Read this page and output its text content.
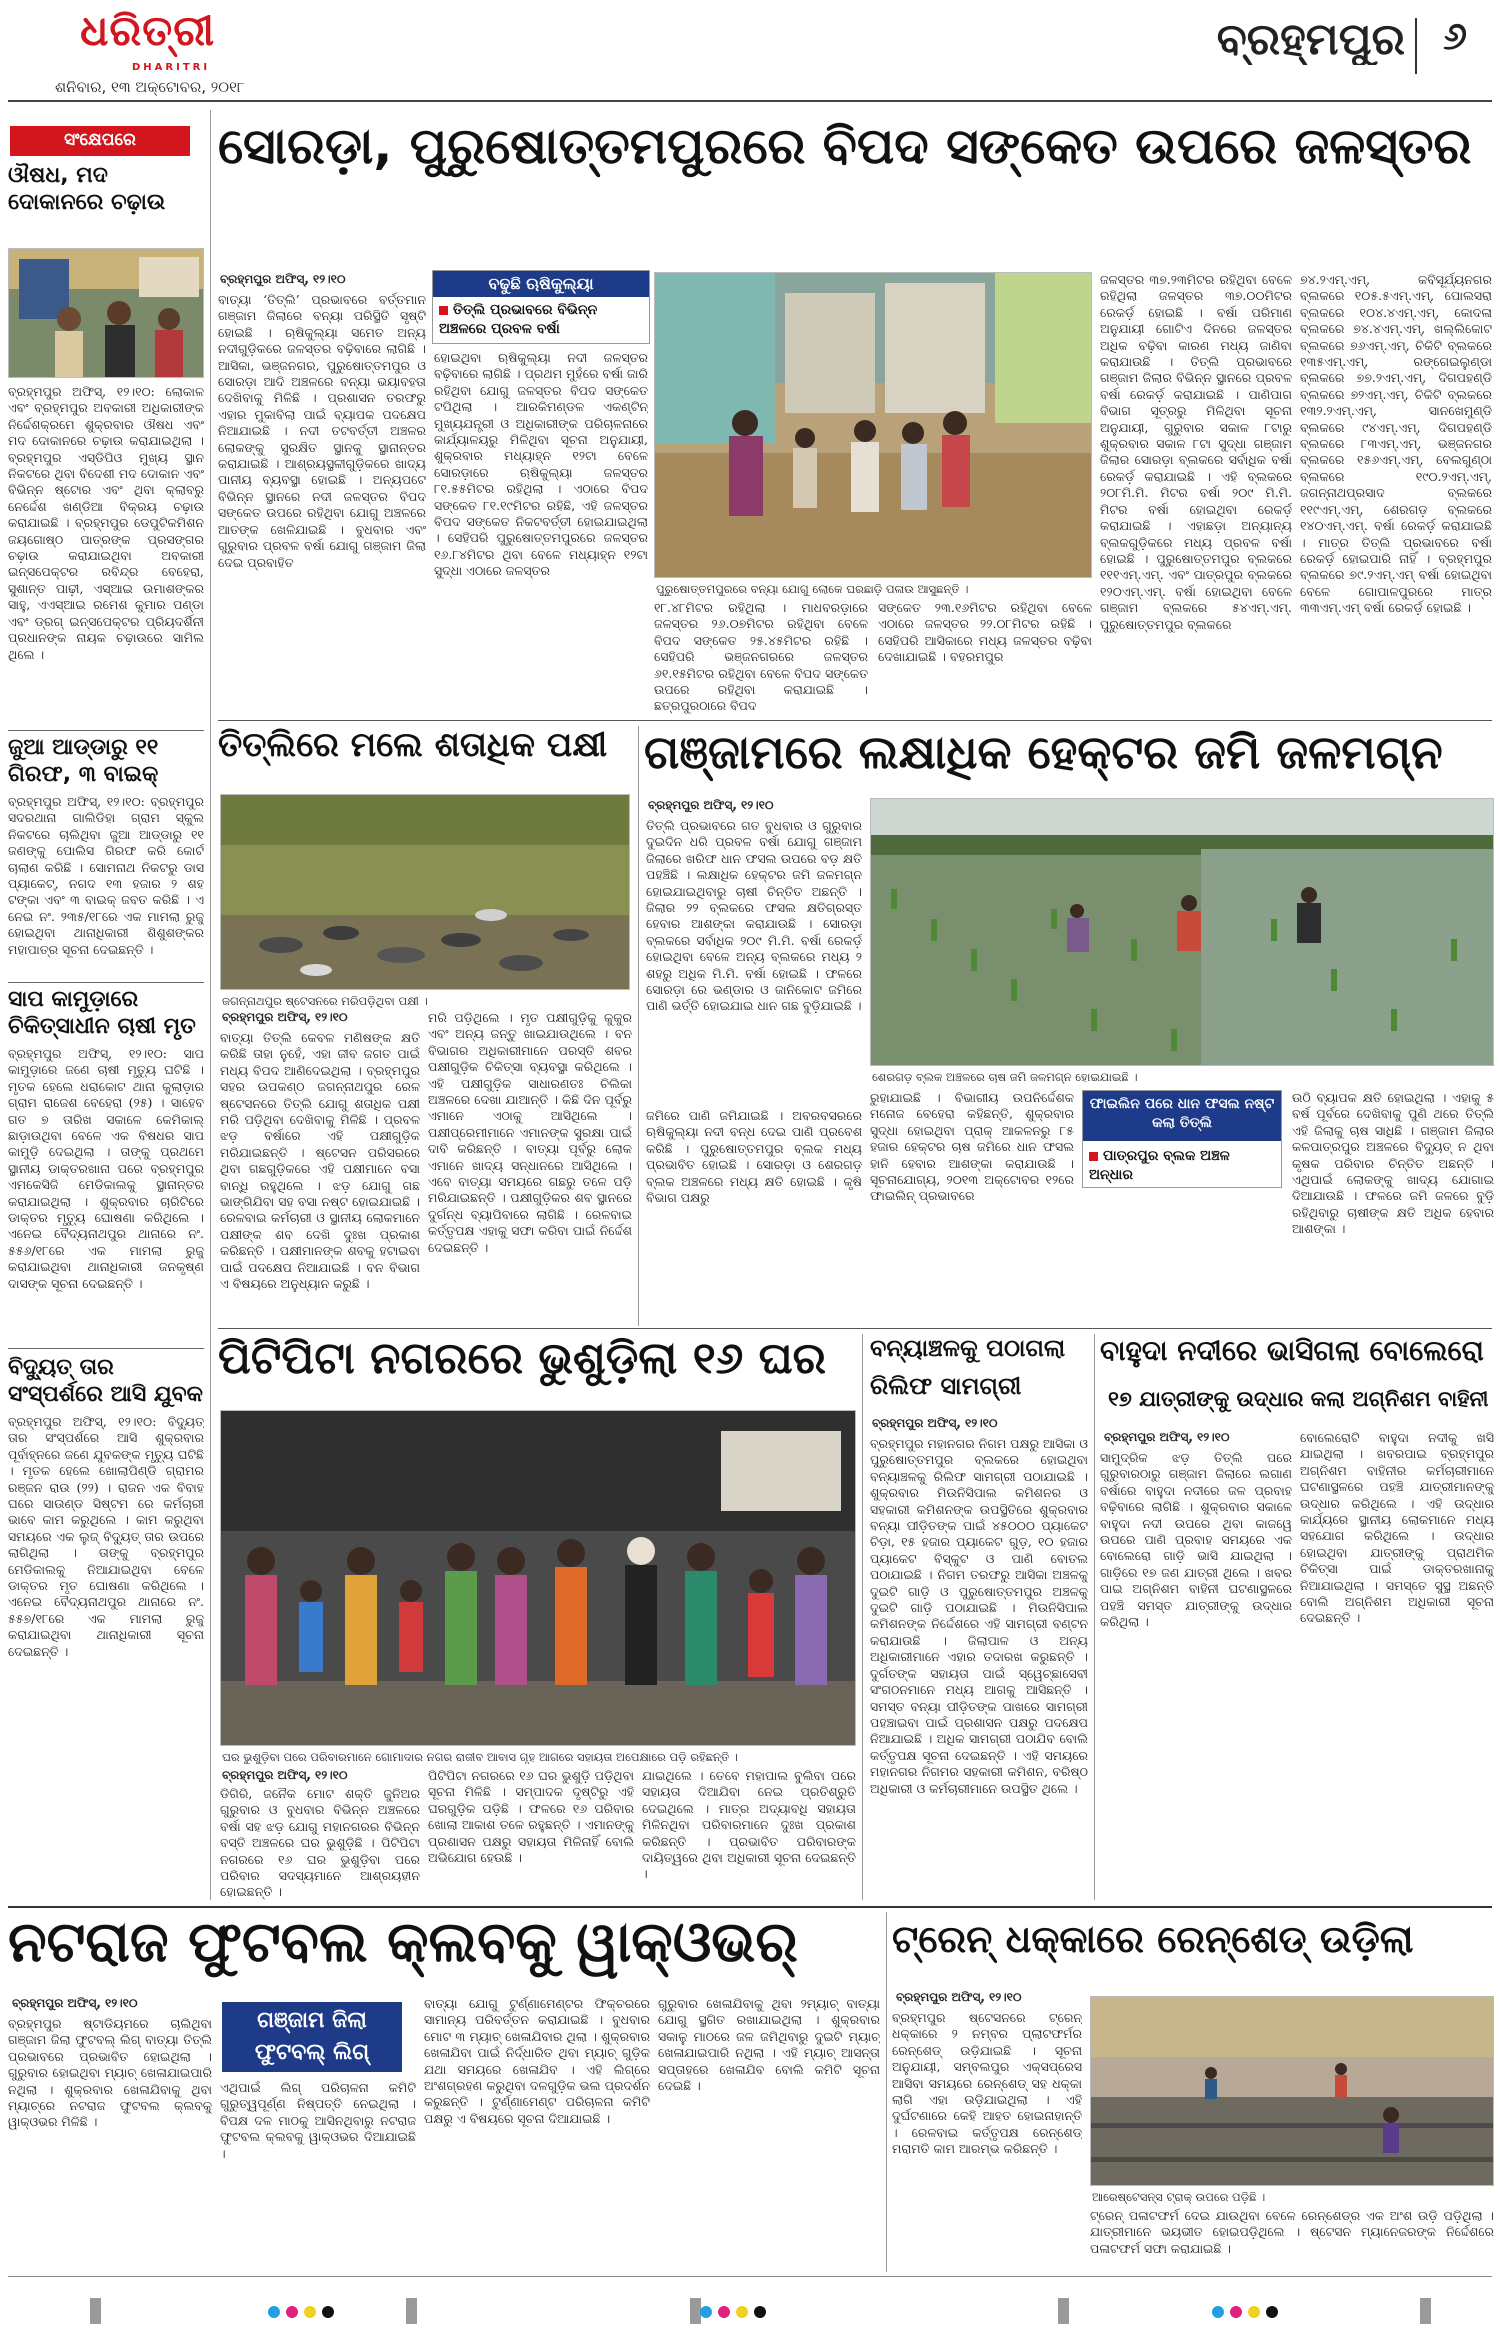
ଧରିତ୍ରୀ
DHARITRI
ଶନିବାର, ୧୩ ଅକ୍ଟୋବର, ୨୦୧୮
ବ୍ରହ୍ମପୁର	୬
ସଂକ୍ଷେପରେ
ଔଷଧ, ମଦ ଦୋକାନରେ ଚଢ଼ାଉ
ବ୍ରହ୍ମପୁର ଅଫିସ୍, ୧୨।୧୦: ଲୋକାଳ ଏବଂ ବ୍ରହ୍ମପୁର ଅବକାରୀ ଅଧିକାରୀଙ୍କ ନିର୍ଦ୍ଦେଶକ୍ରମେ ଶୁକ୍ରବାର ଔଷଧ ଏବଂ ମଦ ଦୋକାନରେ ଚଢ଼ାଉ କରାଯାଇଥିଲା । ବ୍ରହ୍ମପୁର ଏସ୍ଡିପିଓ ମୁଖ୍ୟ ସ୍ଥାନ ନିକଟରେ ଥିବା ବିଦେଶୀ ମଦ ଦୋକାନ ଏବଂ ବିଭିନ୍ନ ଷ୍ଟୋର ଏବଂ ଥିବା କ୍ଲାବରୁ ନେର୍ଦ୍ଦେଶ ଖଣ୍ଡିଆ ବିକ୍ରୟ ଚଢ଼ାଉ କରାଯାଇଛି । ବ୍ରହ୍ମପୁର ଡେପୁଟିକମିଶନ ଜୟଗୋଷ୍ଠ ପାତ୍ରଙ୍କ ପ୍ରସଙ୍ଗର ଚଢ଼ାଉ କରାଯାଇଥିବା ଅବକାରୀ ଇନ୍ସପେକ୍ଟର ରବିନ୍ଦ୍ର ବେହେରା, ସୁଶାନ୍ତ ପାଢ଼ୀ, ଏସ୍ଆଇ ଉମାଶଙ୍କର ସାହୁ, ଏଏସ୍ଆଇ ରମେଶ କୁମାର ପଣ୍ଡା ଏବଂ ଡ୍ରଗ୍ ଇନ୍ସପେକ୍ଟର ପ୍ରିୟଦର୍ଶିନୀ ପ୍ରଧାନଙ୍କ ନାୟକ ଚଢ଼ାଉରେ ସାମିଲ ଥିଲେ ।
ଜୁଆ ଆଡ୍ଡାରୁ ୧୧ ଗିରଫ, ୩ ବାଇକ୍
ବ୍ରହ୍ମପୁର ଅଫିସ୍, ୧୨।୧୦: ବ୍ରହ୍ମପୁର ସଦରଥାନା ଗାଲିଡିହା ଗ୍ରାମ ସ୍କୁଲ ନିକଟରେ ଚାଲିଥିବା ଜୁଆ ଆଡ୍ଡାରୁ ୧୧ ଜଣଙ୍କୁ ପୋଲିସ ଗିରଫ କରି କୋର୍ଟ ଚାଲାଣ କରିଛି । ସୋମନାଥ ନିକଟରୁ ଡାସ ପ୍ୟାକେଟ୍, ନଗଦ ୧୩ ହଜାର ୨ ଶହ ଟଙ୍କା ଏବଂ ୩ ବାଇକ୍ ଜବତ କରିଛି । ଏ ନେଇ ନଂ. ୨୩୫/୧୮ରେ ଏକ ମାମଲା ରୁଜୁ ହୋଇଥିବା ଥାନାଧିକାରୀ ଶିଶୁଶଙ୍କର ମହାପାତ୍ର ସୂଚନା ଦେଇଛନ୍ତି ।
ସାପ କାମୁଡ଼ାରେ ଚିକିତ୍ସାଧୀନ ଚାଷୀ ମୃତ
ବ୍ରହ୍ମପୁର ଅଫିସ୍, ୧୨।୧୦: ସାପ କାମୁଡ଼ାରେ ଜଣେ ଚାଷୀ ମୃତ୍ୟୁ ଘଟିଛି । ମୃତକ ହେଲେ ଧରାକୋଟ ଥାନା କୁଲାଡ଼ାର ଗ୍ରାମ ରାଜେଶ ବେହେରା (୨୫) । ସାହେବ ଗତ ୭ ତାରିଖ ସକାଳେ କେମିକାଲ୍ ଛାଡ଼ାଉଥିବା ବେଳେ ଏକ ବିଷଧର ସାପ କାମୁଡ଼ି ଦେଇଥିଲା । ତାଙ୍କୁ ପ୍ରଥମେ ସ୍ଥାନୀୟ ଡାକ୍ତରଖାନା ପରେ ବ୍ରହ୍ମପୁର ଏମକେସିଜି ମେଡିକାଲକୁ ସ୍ଥାନାନ୍ତର କରାଯାଇଥିଲା । ଶୁକ୍ରବାର ଚାରିଟିରେ ଡାକ୍ତର ମୃତ୍ୟୁ ଘୋଷଣା କରିଥିଲେ । ଏନେଇ ବୈଦ୍ୟନାଥପୁର ଥାନାରେ ନଂ. ୫୫୬/୧୮ରେ ଏକ ମାମଲା ରୁଜୁ କରାଯାଇଥିବା ଥାନାଧିକାରୀ ଜନକୃଷ୍ଣ ଦାସଙ୍କ ସୂଚନା ଦେଇଛନ୍ତି ।
ବିଦ୍ୟୁତ୍ ତାର ସଂସ୍ପର୍ଶରେ ଆସି ଯୁବକ
ବ୍ରହ୍ମପୁର ଅଫିସ୍, ୧୨।୧୦: ବିଦ୍ୟୁତ୍ ତାର ସଂସ୍ପର୍ଶରେ ଆସି ଶୁକ୍ରବାର ପୂର୍ବାହ୍ନରେ ଜଣେ ଯୁବକଙ୍କ ମୃତ୍ୟୁ ଘଟିଛି । ମୃତକ ହେଲେ ଖୋଲାପିଣ୍ଡି ଗ୍ରାମର ରଞ୍ଜନ ରାଉ (୨୨) । ରାଜନ ଏକ ବିବାହ ଘରେ ସାଉଣ୍ଡ ସିଷ୍ଟମ ରେ କର୍ମଚାରୀ ଭାବେ କାମ କରୁଥିଲେ । କାମ କରୁଥିବା ସମୟରେ ଏକ ଲୁଜ୍ ବିଦ୍ୟୁତ୍ ତାର ଉପରେ ଲାଗିଥିଲା । ତାଙ୍କୁ ବ୍ରହ୍ମପୁର ମେଡିକାଲକୁ ନିଆଯାଇଥିବା ବେଳେ ଡାକ୍ତର ମୃତ ଘୋଷଣା କରିଥିଲେ । ଏନେଇ ବୈଦ୍ୟନାଥପୁର ଥାନାରେ ନଂ. ୫୫୭/୧୮ରେ ଏକ ମାମଲା ରୁଜୁ କରାଯାଇଥିବା ଥାନାଧିକାରୀ ସୂଚନା ଦେଇଛନ୍ତି ।
ସୋରଡ଼ା, ପୁରୁଷୋତ୍ତମପୁରରେ ବିପଦ ସଙ୍କେତ ଉପରେ ଜଳସ୍ତର
ବ୍ରହ୍ମପୁର ଅଫିସ୍, ୧୨।୧୦
ବାତ୍ୟା ‘ତିତ୍ଲି’ ପ୍ରଭାବରେ ବର୍ତ୍ତମାନ ଗଞ୍ଜାମ ଜିଲାରେ ବନ୍ୟା ପରିସ୍ଥିତି ସୃଷ୍ଟି ହୋଇଛି । ଋଷିକୁଲ୍ୟା ସମେତ ଅନ୍ୟ ନଦୀଗୁଡ଼ିକରେ ଜଳସ୍ତର ବଢ଼ିବାରେ ଲାଗିଛି । ଆସିକା, ଭଞ୍ଜନଗର, ପୁରୁଷୋତ୍ତମପୁର ଓ ସୋରଡ଼ା ଆଦି ଅଞ୍ଚଳରେ ବନ୍ୟା ଭୟାବହତା ଦେଖିବାକୁ ମିଳିଛି । ପ୍ରଶାସନ ତରଫରୁ ଏହାର ମୁକାବିଲା ପାଇଁ ବ୍ୟାପକ ପଦକ୍ଷେପ ନିଆଯାଇଛି । ନଦୀ ତଟବର୍ତ୍ତୀ ଅଞ୍ଚଳର ଲୋକଙ୍କୁ ସୁରକ୍ଷିତ ସ୍ଥାନକୁ ସ୍ଥାନାନ୍ତର କରାଯାଇଛି । ଆଶ୍ରୟସ୍ଥଳୀଗୁଡ଼ିକରେ ଖାଦ୍ୟ ପାନୀୟ ବ୍ୟବସ୍ଥା ହୋଇଛି । ଅନ୍ୟପଟେ ବିଭିନ୍ନ ସ୍ଥାନରେ ନଦୀ ଜଳସ୍ତର ବିପଦ ସଙ୍କେତ ଉପରେ ରହିଥିବା ଯୋଗୁ ଅଞ୍ଚଳରେ ଆତଙ୍କ ଖେଳିଯାଇଛି । ବୁଧବାର ଏବଂ ଗୁରୁବାର ପ୍ରବଳ ବର୍ଷା ଯୋଗୁ ଗଞ୍ଜାମ ଜିଲା ଦେଇ ପ୍ରବାହିତ
ବଢୁଛି ଋଷିକୁଲ୍ୟା
ତିତ୍ଲି ପ୍ରଭାବରେ ବିଭିନ୍ନ ଅଞ୍ଚଳରେ ପ୍ରବଳ ବର୍ଷା
ହୋଇଥିବା ଋଷିକୁଲ୍ୟା ନଦୀ ଜଳସ୍ତର ବଢ଼ିବାରେ ଲାଗିଛି । ପ୍ରଥମ ମୁହଁରେ ବର୍ଷା ଜାରି ରହିଥିବା ଯୋଗୁ ଜଳସ୍ତର ବିପଦ ସଙ୍କେତ ଟପିଥିଲା । ଆରକିମଣ୍ଡଳ ଏକଣ୍ଟିନ୍ ମୁଖ୍ୟଯନ୍ତ୍ରୀ ଓ ଅଧିକାରୀଙ୍କ ପରିଚାଳନାରେ କାର୍ଯ୍ୟାଳୟରୁ ମିଳିଥିବା ସୂଚନା ଅନୁଯାୟୀ, ଶୁକ୍ରବାର ମଧ୍ୟାହ୍ନ ୧୨ଟା ବେଳେ ସୋରଡ଼ାରେ ଋଷିକୁଲ୍ୟା ଜଳସ୍ତର ୮୧.୫୫ମିଟର ରହିଥିଲା । ଏଠାରେ ବିପଦ ସଙ୍କେତ ୮୧.୧୯ମିଟର ରହିଛି, ଏହି ଜଳସ୍ତର ବିପଦ ସଙ୍କେତ ନିକଟବର୍ତ୍ତୀ ହୋଇଯାଇଥିଲା । ସେହିପରି ପୁରୁଷୋତ୍ତମପୁରରେ ଜଳସ୍ତର ୧୬.୮୪ମିଟର ଥିବା ବେଳେ ମଧ୍ୟାହ୍ନ ୧୨ଟା ସୁଦ୍ଧା ଏଠାରେ ଜଳସ୍ତର
ପୁରୁଷୋତ୍ତମପୁରରେ ବନ୍ୟା ଯୋଗୁ ଲୋକେ ଘରଛାଡ଼ି ପଳାଉ ଆସୁଛନ୍ତି ।
୧୮.୪୮ମିଟର ରହିଥିଲା । ମାଧବରଡ଼ାରେ ଜଳସ୍ତର ୨୬.୦୭ମିଟର ରହିଥିବା ବେଳେ ବିପଦ ସଙ୍କେତ ୨୫.୪୫ମିଟର ରହିଛି । ସେହିପରି ଭଞ୍ଜନଗରରେ ଜଳସ୍ତର ୬୧.୧୫ମିଟର ରହିଥିବା ବେଳେ ବିପଦ ସଙ୍କେତ ଉପରେ ରହିଥିବା କରାଯାଇଛି । ଛତ୍ରପୁରଠାରେ ବିପଦ
ସଙ୍କେତ ୨୩.୧୬ମିଟର ରହିଥିବା ବେଳେ ଏଠାରେ ଜଳସ୍ତର ୨୨.୦୮ମିଟର ରହିଛି । ସେହିପରି ଆସିକାରେ ମଧ୍ୟ ଜଳସ୍ତର ବଢ଼ିବା ଦେଖାଯାଇଛି । ବହରମପୁର
ଜଳସ୍ତର ୩୭.୨୩ମିଟର ରହିଥିବା ବେଳେ ରହିଥିଲା ଜଳସ୍ତର ୩୭.୦୦ମିଟର ରେକର୍ଡ଼ ହୋଇଛି । ବର୍ଷା ପରିମାଣ ଅନୁଯାୟୀ ଗୋଟିଏ ଦିନରେ ଜଳସ୍ତର ଅଧିକ ବଢ଼ିବା କାରଣ ମଧ୍ୟ ଜାଣିବା କରାଯାଉଛି । ତିତ୍ଲି ପ୍ରଭାବରେ ଗଞ୍ଜାମ ଜିଲାର ବିଭିନ୍ନ ସ୍ଥାନରେ ପ୍ରବଳ ବର୍ଷା ରେକର୍ଡ଼ କରାଯାଇଛି । ପାଣିପାଗ ବିଭାଗ ସୂତ୍ରରୁ ମିଳିଥିବା ସୂଚନା ଅନୁଯାୟୀ, ଗୁରୁବାର ସକାଳ ୮ଟାରୁ ଶୁକ୍ରବାର ସକାଳ ୮ଟା ସୁଦ୍ଧା ଗଞ୍ଜାମ ଜିଲାର ସୋରଡ଼ା ବ୍ଲକରେ ସର୍ବାଧିକ ବର୍ଷା ରେକର୍ଡ଼ କରାଯାଇଛି । ଏହି ବ୍ଲକରେ ୨୦୮ମି.ମି. ମିଟର ବର୍ଷା ୨୦୯ ମି.ମି. ମିଟର ବର୍ଷା ହୋଇଥିବା ରେକର୍ଡ଼ କରାଯାଇଛି । ଏହାଛଡ଼ା ଅନ୍ୟାନ୍ୟ ବ୍ଲକଗୁଡ଼ିକରେ ମଧ୍ୟ ପ୍ରବଳ ବର୍ଷା ହୋଇଛି । ପୁରୁଷୋତ୍ତମପୁର ବ୍ଲକରେ ୧୧୧ଏମ୍.ଏମ୍. ଏବଂ ପାତ୍ରପୁର ବ୍ଲକରେ ୧୨୦ଏମ୍.ଏମ୍. ବର୍ଷା ହୋଇଥିବା ବେଳେ ଗଞ୍ଜାମ ବ୍ଲକରେ ୫୪ଏମ୍.ଏମ୍. ପୁରୁଷୋତ୍ତମପୁର ବ୍ଲକରେ
୭୪.୨ଏମ୍.ଏମ୍, କବିସୂର୍ଯ୍ୟନଗର ବ୍ଲକରେ ୧୦୫.୫ଏମ୍.ଏମ୍, ପୋଲସରା ବ୍ଲକରେ ୧୦୪.୪ଏମ୍.ଏମ୍, କୋଦଳା ବ୍ଲକରେ ୭୪.୪ଏମ୍.ଏମ୍, ଖଲ୍ଲିକୋଟ ବ୍ଲକରେ ୭୬ଏମ୍.ଏମ୍, ଚିକିଟି ବ୍ଲକରେ ୧୩୫ଏମ୍.ଏମ୍, ରଙ୍ଗେଇଲୁଣ୍ଡା ବ୍ଲକରେ ୭୭.୨ଏମ୍.ଏମ୍, ଦିଗପହଣ୍ଡି ବ୍ଲକରେ ୭୨ଏମ୍.ଏମ୍, ଚିକିଟି ବ୍ଲକରେ ୧୩୨.୨ଏମ୍.ଏମ୍, ସାନଖେମୁଣ୍ଡି ବ୍ଲକରେ ୯୪ଏମ୍.ଏମ୍, ଦିଗପହଣ୍ଡି ବ୍ଲକରେ ୮୩ଏମ୍.ଏମ୍, ଭଞ୍ଜନଗର ବ୍ଲକରେ ୧୫୬ଏମ୍.ଏମ୍, ବେଲଗୁଣ୍ଠା ବ୍ଲକରେ ୧୯୦.୨ଏମ୍.ଏମ୍, ଜଗନ୍ନାଥପ୍ରସାଦ ବ୍ଲକରେ ୧୧୯ଏମ୍.ଏମ୍, ଶେରଗଡ଼ ବ୍ଲକରେ ୧୪୦ଏମ୍.ଏମ୍. ବର୍ଷା ରେକର୍ଡ଼ କରାଯାଇଛି । ମାତ୍ର ତିତ୍ଲି ପ୍ରଭାବରେ ବର୍ଷା ରେକର୍ଡ଼ ହୋଇପାରି ନାହିଁ । ବ୍ରହ୍ମପୁର ବ୍ଲକରେ ୭୯.୨ଏମ୍.ଏମ୍ ବର୍ଷା ହୋଇଥିବା ବେଳେ ଗୋପାଳପୁରରେ ମାତ୍ର ୩୩ଏମ୍.ଏମ୍ ବର୍ଷା ରେକର୍ଡ଼ ହୋଇଛି ।
ତିତ୍ଲିରେ ମଲେ ଶତାଧିକ ପକ୍ଷୀ
ଜଗନ୍ନାଥପୁର ଷ୍ଟେସନରେ ମରିପଡ଼ିଥିବା ପକ୍ଷୀ ।
ବ୍ରହ୍ମପୁର ଅଫିସ୍, ୧୨।୧୦
ବାତ୍ୟା ତିତ୍ଲି କେବଳ ମଣିଷଙ୍କ କ୍ଷତି କରିଛି ତାହା ନୁହେଁ, ଏହା ଜୀବ ଜଗତ ପାଇଁ ମଧ୍ୟ ବିପଦ ଆଣିଦେଇଥିଲା । ବ୍ରହ୍ମପୁର ସହର ଉପକଣ୍ଠ ଜଗନ୍ନାଥପୁର ରେଳ ଷ୍ଟେସନରେ ତିତ୍ଲି ଯୋଗୁ ଶତାଧିକ ପକ୍ଷୀ ମରି ପଡ଼ିଥିବା ଦେଖିବାକୁ ମିଳିଛି । ପ୍ରବଳ ଝଡ଼ ବର୍ଷାରେ ଏହି ପକ୍ଷୀଗୁଡ଼ିକ ମରିଯାଇଛନ୍ତି । ଷ୍ଟେସନ ପରିସରରେ ଥିବା ଗଛଗୁଡ଼ିକରେ ଏହି ପକ୍ଷୀମାନେ ବସା ବାନ୍ଧି ରହୁଥିଲେ । ଝଡ଼ ଯୋଗୁ ଗଛ ଭାଙ୍ଗିଯିବା ସହ ବସା ନଷ୍ଟ ହୋଇଯାଇଛି । ରେଳବାଇ କର୍ମଚାରୀ ଓ ସ୍ଥାନୀୟ ଲୋକମାନେ ପକ୍ଷୀଙ୍କ ଶବ ଦେଖି ଦୁଃଖ ପ୍ରକାଶ କରିଛନ୍ତି । ପକ୍ଷୀମାନଙ୍କ ଶବକୁ ହଟାଇବା ପାଇଁ ପଦକ୍ଷେପ ନିଆଯାଇଛି । ବନ ବିଭାଗ ଏ ବିଷୟରେ ଅନୁଧ୍ୟାନ କରୁଛି ।
ମରି ପଡ଼ିଥିଲେ । ମୃତ ପକ୍ଷୀଗୁଡ଼ିକୁ କୁକୁର ଏବଂ ଅନ୍ୟ ଜନ୍ତୁ ଖାଇଯାଉଥିଲେ । ବନ ବିଭାଗର ଅଧିକାରୀମାନେ ପରସ୍ତି ଶବର ପକ୍ଷୀଗୁଡ଼ିକ ଚିକିତ୍ସା ବ୍ୟବସ୍ଥା କରିଥିଲେ । ଏହି ପକ୍ଷୀଗୁଡ଼ିକ ସାଧାରଣତଃ ଚିଲିକା ଅଞ୍ଚଳରେ ଦେଖା ଯାଆନ୍ତି । କିଛି ଦିନ ପୂର୍ବରୁ ଏମାନେ ଏଠାକୁ ଆସିଥିଲେ । ପକ୍ଷୀପ୍ରେମୀମାନେ ଏମାନଙ୍କ ସୁରକ୍ଷା ପାଇଁ ଦାବି କରିଛନ୍ତି । ବାତ୍ୟା ପୂର୍ବରୁ ଲୋକ ଏମାନେ ଖାଦ୍ୟ ସନ୍ଧାନରେ ଆସିଥିଲେ । ଏବେ ବାତ୍ୟା ସମୟରେ ଗଛରୁ ତଳେ ପଡ଼ି ମରିଯାଇଛନ୍ତି । ପକ୍ଷୀଗୁଡ଼ିକର ଶବ ସ୍ଥାନରେ ଦୁର୍ଗନ୍ଧ ବ୍ୟାପିବାରେ ଲାଗିଛି । ରେଳବାଇ କର୍ତ୍ତୃପକ୍ଷ ଏହାକୁ ସଫା କରିବା ପାଇଁ ନିର୍ଦ୍ଦେଶ ଦେଇଛନ୍ତି ।
ଗଞ୍ଜାମରେ ଲକ୍ଷାଧିକ ହେକ୍ଟର ଜମି ଜଳମଗ୍ନ
ବ୍ରହ୍ମପୁର ଅଫିସ୍, ୧୨।୧୦
ତିତ୍ଲି ପ୍ରଭାବରେ ଗତ ବୁଧବାର ଓ ଗୁରୁବାର ଦୁଇଦିନ ଧରି ପ୍ରବଳ ବର୍ଷା ଯୋଗୁ ଗଞ୍ଜାମ ଜିଲାରେ ଖରିଫ ଧାନ ଫସଲ ଉପରେ ବଡ଼ କ୍ଷତି ପହଞ୍ଚିଛି । ଲକ୍ଷାଧିକ ହେକ୍ଟର ଜମି ଜଳମଗ୍ନ ହୋଇଯାଇଥିବାରୁ ଚାଷୀ ଚିନ୍ତିତ ଅଛନ୍ତି । ଜିଲାର ୨୨ ବ୍ଲକରେ ଫସଲ କ୍ଷତିଗ୍ରସ୍ତ ହେବାର ଆଶଙ୍କା କରାଯାଉଛି । ସୋରଡ଼ା ବ୍ଲକରେ ସର୍ବାଧିକ ୨୦୯ ମି.ମି. ବର୍ଷା ରେକର୍ଡ଼ ହୋଇଥିବା ବେଳେ ଅନ୍ୟ ବ୍ଲକରେ ମଧ୍ୟ ୨ ଶହରୁ ଅଧିକ ମି.ମି. ବର୍ଷା ହୋଇଛି । ଫଳରେ ସୋରଡ଼ା ରେ ଭଣ୍ଡାର ଓ ଜାନିକୋଟ ଜମିରେ ପାଣି ଭର୍ତ୍ତି ହୋଇଯାଇ ଧାନ ଗଛ ବୁଡ଼ିଯାଇଛି ।
ଶେରଗଡ଼ ବ୍ଲକ ଅଞ୍ଚଳରେ ଚାଷ ଜମି ଜଳମଗ୍ନ ହୋଇଯାଇଛି ।
ରୁହାଯାଇଛି । ବିଭାଗୀୟ ଉପନିର୍ଦ୍ଦେଶକ ମନୋଜ ବେହେରା କହିଛନ୍ତି, ଶୁକ୍ରବାର ସୁଦ୍ଧା ହୋଇଥିବା ପ୍ରାକ୍ ଆକଳନରୁ ୮୫ ହଜାର ହେକ୍ଟର ଚାଷ ଜମିରେ ଧାନ ଫସଲ ହାନି ହେବାର ଆଶଙ୍କା କରାଯାଉଛି । ସୂଚନାଯୋଗ୍ୟ, ୨୦୧୩ ଅକ୍ଟୋବର ୧୨ରେ ଫାଇଲିନ୍ ପ୍ରଭାବରେ
ଜମିରେ ପାଣି ଜମିଯାଇଛି । ଅବରବସରରେ ଋଷିକୁଲ୍ୟା ନଦୀ ବନ୍ଧ ଦେଇ ପାଣି ପ୍ରବେଶ କରିଛି । ପୁରୁଷୋତ୍ତମପୁର ବ୍ଲକ ମଧ୍ୟ ପ୍ରଭାବିତ ହୋଇଛି । ସୋରଡ଼ା ଓ ଶେରଗଡ଼ ବ୍ଲକ ଅଞ୍ଚଳରେ ମଧ୍ୟ କ୍ଷତି ହୋଇଛି । କୃଷି ବିଭାଗ ପକ୍ଷରୁ
ଫାଇଲିନ ପରେ ଧାନ ଫସଲ ନଷ୍ଟ କଲା ତିତ୍ଲି
ପାତ୍ରପୁର ବ୍ଲକ ଅଞ୍ଚଳ ଅନ୍ଧାର
ଉଠି ବ୍ୟାପକ କ୍ଷତି ହୋଇଥିଲା । ଏହାକୁ ୫ ବର୍ଷ ପୂର୍ବରେ ଦେଖିବାକୁ ପୁଣି ଥରେ ତିତ୍ଲି ଏହି ଜିଲାକୁ ଚାଷ ସାଧିଛି । ଗଞ୍ଜାମ ଜିଲାର କଳପାତ୍ରପୁର ଅଞ୍ଚଳରେ ବିଦ୍ୟୁତ୍ ନ ଥିବା କୃଷକ ପରିବାର ଚିନ୍ତିତ ଅଛନ୍ତି । ଏଥିପାଇଁ ଲୋକଙ୍କୁ ଖାଦ୍ୟ ଯୋଗାଇ ଦିଆଯାଉଛି । ଫଳରେ ଜମି ଜଳରେ ବୁଡ଼ି ରହିଥିବାରୁ ଚାଷୀଙ୍କ କ୍ଷତି ଅଧିକ ହେବାର ଆଶଙ୍କା ।
ପିଟିପିଟା ନଗରରେ ଭୁଶୁଡ଼ିଲା ୧୬ ଘର
ଘର ଭୁଶୁଡ଼ିବା ପରେ ପରିବାରମାନେ ଗୋମାଦାର ନଗର ରାଜୀବ ଆବାସ ଗୃହ ଆଗରେ ସହାୟତା ଅପେକ୍ଷାରେ ପଡ଼ି ରହିଛନ୍ତି ।
ବ୍ରହ୍ମପୁର ଅଫିସ୍, ୧୨।୧୦
ଡିଗିରି, ଜନୈକ ମୋଟ ଶକ୍ତି ଜୁନିଅର ଗୁରୁବାର ଓ ବୁଧବାର ବିଭିନ୍ନ ଅଞ୍ଚଳରେ ବର୍ଷା ସହ ଝଡ଼ ଯୋଗୁ ମହାନଗରର ବିଭିନ୍ନ ବସ୍ତି ଅଞ୍ଚଳରେ ଘର ଭୁଶୁଡ଼ିଛି । ପିଟିପିଟା ନଗରରେ ୧୬ ଘର ଭୁଶୁଡ଼ିବା ପରେ ପରିବାର ସଦସ୍ୟମାନେ ଆଶ୍ରୟହୀନ ହୋଇଛନ୍ତି ।
ପିଟିପିଟା ନଗରରେ ୧୬ ଘର ଭୁଶୁଡ଼ି ପଡ଼ିଥିବା ସୂଚନା ମିଳିଛି । ସମ୍ପାଦକ ଦୃଷ୍ଟିରୁ ଏହି ଘରଗୁଡ଼ିକ ପଡ଼ିଛି । ଫଳରେ ୧୬ ପରିବାର ଖୋଲା ଆକାଶ ତଳେ ରହୁଛନ୍ତି । ଏମାନଙ୍କୁ ପ୍ରଶାସନ ପକ୍ଷରୁ ସହାୟତା ମିଳିନାହିଁ ବୋଲି ଅଭିଯୋଗ ହେଉଛି ।
ଯାଇଥିଲେ । ତେବେ ମହାପାଲ ବୁଲିବା ପରେ ସହାୟତା ଦିଆଯିବା ନେଇ ପ୍ରତିଶ୍ରୁତି ଦେଇଥିଲେ । ମାତ୍ର ଅଦ୍ୟାବଧି ସହାୟତା ମିଳିନଥିବା ପରିବାରମାନେ ଦୁଃଖ ପ୍ରକାଶ କରିଛନ୍ତି । ପ୍ରଭାବିତ ପରିବାରଙ୍କ ଦାୟିତ୍ୱରେ ଥିବା ଅଧିକାରୀ ସୂଚନା ଦେଇଛନ୍ତି ।
ବନ୍ୟାଞ୍ଚଳକୁ ପଠାଗଲା
ରିଲିଫ ସାମଗ୍ରୀ
ବ୍ରହ୍ମପୁର ଅଫିସ୍, ୧୨।୧୦
ବ୍ରହ୍ମପୁର ମହାନଗର ନିଗମ ପକ୍ଷରୁ ଆସିକା ଓ ପୁରୁଷୋତ୍ତମପୁର ବ୍ଲକରେ ହୋଇଥିବା ବନ୍ୟାଞ୍ଚଳକୁ ରିଲିଫ ସାମଗ୍ରୀ ପଠାଯାଇଛି । ଶୁକ୍ରବାର ମିଉନିସିପାଲ କମିଶନର ଓ ସହକାରୀ କମିଶନଙ୍କ ଉପସ୍ଥିତିରେ ଶୁକ୍ରବାର ବନ୍ୟା ପୀଡ଼ିତଙ୍କ ପାଇଁ ୪୫୦୦୦ ପ୍ୟାକେଟ ଚିଡ଼ା, ୧୫ ହଜାର ପ୍ୟାକେଟ ଗୁଡ଼, ୧୦ ହଜାର ପ୍ୟାକେଟ ବିସ୍କୁଟ ଓ ପାଣି ବୋତଲ ପଠାଯାଇଛି । ନିଗମ ତରଫରୁ ଆସିକା ଅଞ୍ଚଳକୁ ଦୁଇଟି ଗାଡ଼ି ଓ ପୁରୁଷୋତ୍ତମପୁର ଅଞ୍ଚଳକୁ ଦୁଇଟି ଗାଡ଼ି ପଠାଯାଇଛି । ମିଉନିସିପାଲ କମିଶନଙ୍କ ନିର୍ଦ୍ଦେଶରେ ଏହି ସାମଗ୍ରୀ ବଣ୍ଟନ କରାଯାଉଛି । ଜିଲାପାଳ ଓ ଅନ୍ୟ ଅଧିକାରୀମାନେ ଏହାର ତଦାରଖ କରୁଛନ୍ତି । ଦୁର୍ଗତଙ୍କ ସହାୟତା ପାଇଁ ସ୍ୱେଚ୍ଛାସେବୀ ସଂଗଠନମାନେ ମଧ୍ୟ ଆଗକୁ ଆସିଛନ୍ତି । ସମସ୍ତ ବନ୍ୟା ପୀଡ଼ିତଙ୍କ ପାଖରେ ସାମଗ୍ରୀ ପହଞ୍ଚାଇବା ପାଇଁ ପ୍ରଶାସନ ପକ୍ଷରୁ ପଦକ୍ଷେପ ନିଆଯାଇଛି । ଅଧିକ ସାମଗ୍ରୀ ପଠାଯିବ ବୋଲି କର୍ତ୍ତୃପକ୍ଷ ସୂଚନା ଦେଇଛନ୍ତି । ଏହି ସମୟରେ ମହାନଗର ନିଗମର ସହକାରୀ କମିଶନ, ବରିଷ୍ଠ ଅଧିକାରୀ ଓ କର୍ମଚାରୀମାନେ ଉପସ୍ଥିତ ଥିଲେ ।
ବାହୁଦା ନଦୀରେ ଭାସିଗଲା ବୋଲେରୋ
୧୭ ଯାତ୍ରୀଙ୍କୁ ଉଦ୍ଧାର କଲା ଅଗ୍ନିଶମ ବାହିନୀ
ବ୍ରହ୍ମପୁର ଅଫିସ୍, ୧୨।୧୦
ସାମୁଦ୍ରିକ ଝଡ଼ ତିତ୍ଲି ପରେ ଗୁରୁବାରଠାରୁ ଗଞ୍ଜାମ ଜିଲାରେ ଲଗାଣ ବର୍ଷାରେ ବାହୁଦା ନଦୀରେ ଜଳ ପ୍ରବାହ ବଢ଼ିବାରେ ଲାଗିଛି । ଶୁକ୍ରବାର ସକାଳେ ବାହୁଦା ନଦୀ ଉପରେ ଥିବା କାଜୱେ ଉପରେ ପାଣି ପ୍ରବାହ ସମୟରେ ଏକ ବୋଲେରୋ ଗାଡ଼ି ଭାସି ଯାଇଥିଲା । ଗାଡ଼ିରେ ୧୭ ଜଣ ଯାତ୍ରୀ ଥିଲେ । ଖବର ପାଇ ଅଗ୍ନିଶମ ବାହିନୀ ଘଟଣାସ୍ଥଳରେ ପହଞ୍ଚି ସମସ୍ତ ଯାତ୍ରୀଙ୍କୁ ଉଦ୍ଧାର କରିଥିଲା ।
ବୋଲେରୋଟି ବାହୁଦା ନଦୀକୁ ଖସି ଯାଇଥିଲା । ଖବରପାଇ ବ୍ରହ୍ମପୁର ଅଗ୍ନିଶମ ବାହିନୀର କର୍ମଚାରୀମାନେ ଘଟଣାସ୍ଥଳରେ ପହଞ୍ଚି ଯାତ୍ରୀମାନଙ୍କୁ ଉଦ୍ଧାର କରିଥିଲେ । ଏହି ଉଦ୍ଧାର କାର୍ଯ୍ୟରେ ସ୍ଥାନୀୟ ଲୋକମାନେ ମଧ୍ୟ ସହଯୋଗ କରିଥିଲେ । ଉଦ୍ଧାର ହୋଇଥିବା ଯାତ୍ରୀଙ୍କୁ ପ୍ରାଥମିକ ଚିକିତ୍ସା ପାଇଁ ଡାକ୍ତରଖାନାକୁ ନିଆଯାଇଥିଲା । ସମସ୍ତେ ସୁସ୍ଥ ଅଛନ୍ତି ବୋଲି ଅଗ୍ନିଶମ ଅଧିକାରୀ ସୂଚନା ଦେଇଛନ୍ତି ।
ନଟରାଜ ଫୁଟବଲ କ୍ଲବକୁ ୱାକ୍ଓଭର୍
ବ୍ରହ୍ମପୁର ଅଫିସ୍, ୧୨।୧୦
ବ୍ରହ୍ମପୁର ଷ୍ଟାଡିୟମରେ ଚାଲିଥିବା ଗଞ୍ଜାମ ଜିଲା ଫୁଟବଲ୍ ଲିଗ୍ ବାତ୍ୟା ତିତ୍ଲି ପ୍ରଭାବରେ ପ୍ରଭାବିତ ହୋଇଥିଲା । ଗୁରୁବାର ହୋଇଥିବା ମ୍ୟାଚ୍ ଖେଳାଯାଇପାରି ନଥିଲା । ଶୁକ୍ରବାର ଖେଳାଯିବାକୁ ଥିବା ମ୍ୟାଚ୍ରେ ନଟରାଜ ଫୁଟବଲ କ୍ଲବକୁ ୱାକ୍ଓଭର ମିଳିଛି ।
ଗଞ୍ଜାମ ଜିଲା
ଫୁଟବଲ୍ ଲିଗ୍
ଏଥିପାଇଁ ଲିଗ୍ ପରିଚାଳନା କମିଟି ଗୁରୁତ୍ୱପୂର୍ଣ୍ଣ ନିଷ୍ପତ୍ତି ନେଇଥିଲା । ବିପକ୍ଷ ଦଳ ମାଠକୁ ଆସିନଥିବାରୁ ନଟରାଜ ଫୁଟବଲ କ୍ଲବକୁ ୱାକ୍ଓଭର ଦିଆଯାଇଛି ।
ବାତ୍ୟା ଯୋଗୁ ଟୁର୍ଣ୍ଣାମେଣ୍ଟର ଫିକ୍ଚରରେ ସାମାନ୍ୟ ପରିବର୍ତ୍ତନ କରାଯାଇଛି । ବୁଧବାର ମୋଟ ୩ ମ୍ୟାଚ୍ ଖେଳାଯିବାର ଥିଲା । ଶୁକ୍ରବାର ଖେଳାଯିବା ପାଇଁ ନିର୍ଦ୍ଧାରିତ ଥିବା ମ୍ୟାଚ୍ ଗୁଡ଼ିକ ଯଥା ସମୟରେ ଖେଳାଯିବ । ଏହି ଲିଗ୍ରେ ଅଂଶଗ୍ରହଣ କରୁଥିବା ଦଳଗୁଡ଼ିକ ଭଲ ପ୍ରଦର୍ଶନ କରୁଛନ୍ତି । ଟୁର୍ଣ୍ଣାମେଣ୍ଟ ପରିଚାଳନା କମିଟି ପକ୍ଷରୁ ଏ ବିଷୟରେ ସୂଚନା ଦିଆଯାଇଛି ।
ଗୁରୁବାର ଖେଳାଯିବାକୁ ଥିବା ୨ମ୍ୟାଚ୍ ବାତ୍ୟା ଯୋଗୁ ସ୍ଥଗିତ ରଖାଯାଇଥିଲା । ଶୁକ୍ରବାର ସକାଳୁ ମାଠରେ ଜଳ ଜମିଥିବାରୁ ଦୁଇଟି ମ୍ୟାଚ୍ ଖେଳାଯାଇପାରି ନଥିଲା । ଏହି ମ୍ୟାଚ୍ ଆସନ୍ତା ସପ୍ତାହରେ ଖେଳାଯିବ ବୋଲି କମିଟି ସୂଚନା ଦେଇଛି ।
ଟ୍ରେନ୍ ଧକ୍କାରେ ରେନ୍ଶେଡ୍ ଉଡ଼ିଲା
ବ୍ରହ୍ମପୁର ଅଫିସ୍, ୧୨।୧୦
ବ୍ରହ୍ମପୁର ଷ୍ଟେସନରେ ଟ୍ରେନ୍ ଧକ୍କାରେ ୨ ନମ୍ବର ପ୍ଲାଟଫର୍ମର ରେନ୍ଶେଡ୍ ଉଡ଼ିଯାଇଛି । ସୂଚନା ଅନୁଯାୟୀ, ସମ୍ବଲପୁର ଏକ୍ସପ୍ରେସ ଆସିବା ସମୟରେ ରେନ୍ଶେଡ୍ ସହ ଧକ୍କା ଲାଗି ଏହା ଉଡ଼ିଯାଇଥିଲା । ଏହି ଦୁର୍ଘଟଣାରେ କେହି ଆହତ ହୋଇନାହାନ୍ତି । ରେଳବାଇ କର୍ତ୍ତୃପକ୍ଷ ରେନ୍ଶେଡ୍ ମରାମତି କାମ ଆରମ୍ଭ କରିଛନ୍ତି ।
ଆରେଷ୍ଟେସନ୍ସ ଟ୍ରାକ୍ ଉପରେ ପଡ଼ିଛି ।
ଟ୍ରେନ୍ ପଳାଟଫର୍ମ ଦେଇ ଯାଉଥିବା ବେଳେ ରେନ୍ଶେଡ୍ର ଏକ ଅଂଶ ଉଡ଼ି ପଡ଼ିଥିଲା । ଯାତ୍ରୀମାନେ ଭୟଭୀତ ହୋଇପଡ଼ିଥିଲେ । ଷ୍ଟେସନ ମ୍ୟାନେଜରଙ୍କ ନିର୍ଦ୍ଦେଶରେ ପଳାଟଫର୍ମ ସଫା କରାଯାଇଛି ।
